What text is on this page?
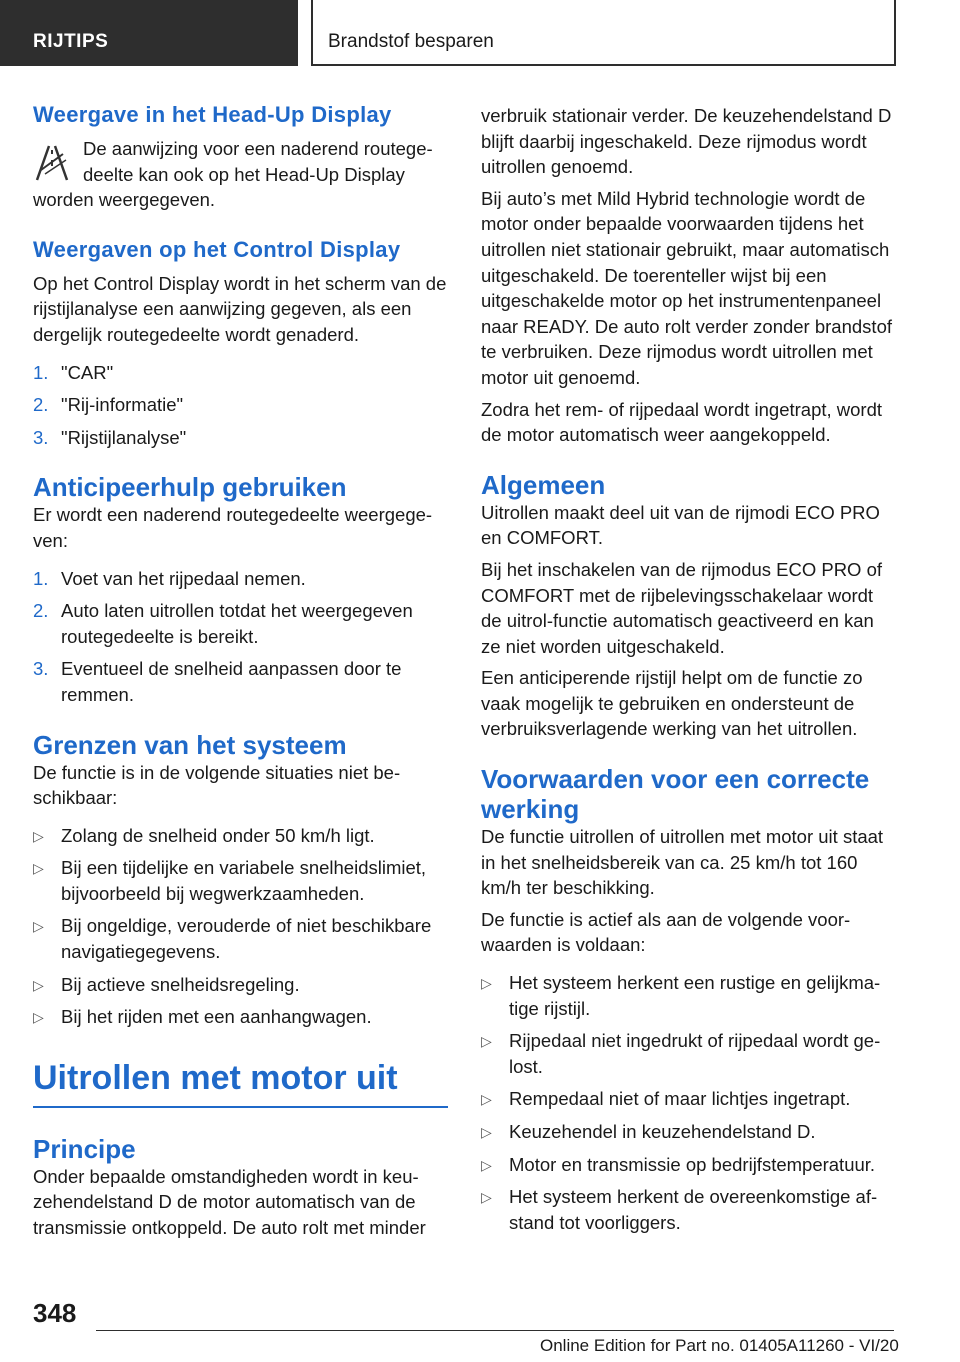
RIJTIPS	Brandstof besparen
Weergave in het Head-Up Display
De aanwijzing voor een naderend routegedeelte kan ook op het Head-Up Display worden weergegeven.
Weergaven op het Control Display
Op het Control Display wordt in het scherm van de rijstijlanalyse een aanwijzing gegeven, als een dergelijk routegedeelte wordt genaderd.
1. "CAR"
2. "Rij-informatie"
3. "Rijstijlanalyse"
Anticipeerhulp gebruiken
Er wordt een naderend routegedeelte weergegeven:
1. Voet van het rijpedaal nemen.
2. Auto laten uitrollen totdat het weergegeven routegedeelte is bereikt.
3. Eventueel de snelheid aanpassen door te remmen.
Grenzen van het systeem
De functie is in de volgende situaties niet beschikbaar:
▷ Zolang de snelheid onder 50 km/h ligt.
▷ Bij een tijdelijke en variabele snelheidslimiet, bijvoorbeeld bij wegwerkzaamheden.
▷ Bij ongeldige, verouderde of niet beschikbare navigatiegegevens.
▷ Bij actieve snelheidsregeling.
▷ Bij het rijden met een aanhangwagen.
Uitrollen met motor uit
Principe
Onder bepaalde omstandigheden wordt in keuzehendelstand D de motor automatisch van de transmissie ontkoppeld. De auto rolt met minder
verbruik stationair verder. De keuzehendelstand D blijft daarbij ingeschakeld. Deze rijmodus wordt uitrollen genoemd.
Bij auto’s met Mild Hybrid technologie wordt de motor onder bepaalde voorwaarden tijdens het uitrollen niet stationair gebruikt, maar automatisch uitgeschakeld. De toerenteller wijst bij een uitgeschakelde motor op het instrumentenpaneel naar READY. De auto rolt verder zonder brandstof te verbruiken. Deze rijmodus wordt uitrollen met motor uit genoemd.
Zodra het rem- of rijpedaal wordt ingetrapt, wordt de motor automatisch weer aangekoppeld.
Algemeen
Uitrollen maakt deel uit van de rijmodi ECO PRO en COMFORT.
Bij het inschakelen van de rijmodus ECO PRO of COMFORT met de rijbelevingsschakelaar wordt de uitrol-functie automatisch geactiveerd en kan ze niet worden uitgeschakeld.
Een anticiperende rijstijl helpt om de functie zo vaak mogelijk te gebruiken en ondersteunt de verbruiksverlagende werking van het uitrollen.
Voorwaarden voor een correcte werking
De functie uitrollen of uitrollen met motor uit staat in het snelheidsbereik van ca. 25 km/h tot 160 km/h ter beschikking.
De functie is actief als aan de volgende voorwaarden is voldaan:
▷ Het systeem herkent een rustige en gelijkmatige rijstijl.
▷ Rijpedaal niet ingedrukt of rijpedaal wordt gelost.
▷ Rempedaal niet of maar lichtjes ingetrapt.
▷ Keuzehendel in keuzehendelstand D.
▷ Motor en transmissie op bedrijfstemperatuur.
▷ Het systeem herkent de overeenkomstige afstand tot voorliggers.
348
Online Edition for Part no. 01405A11260 - VI/20
